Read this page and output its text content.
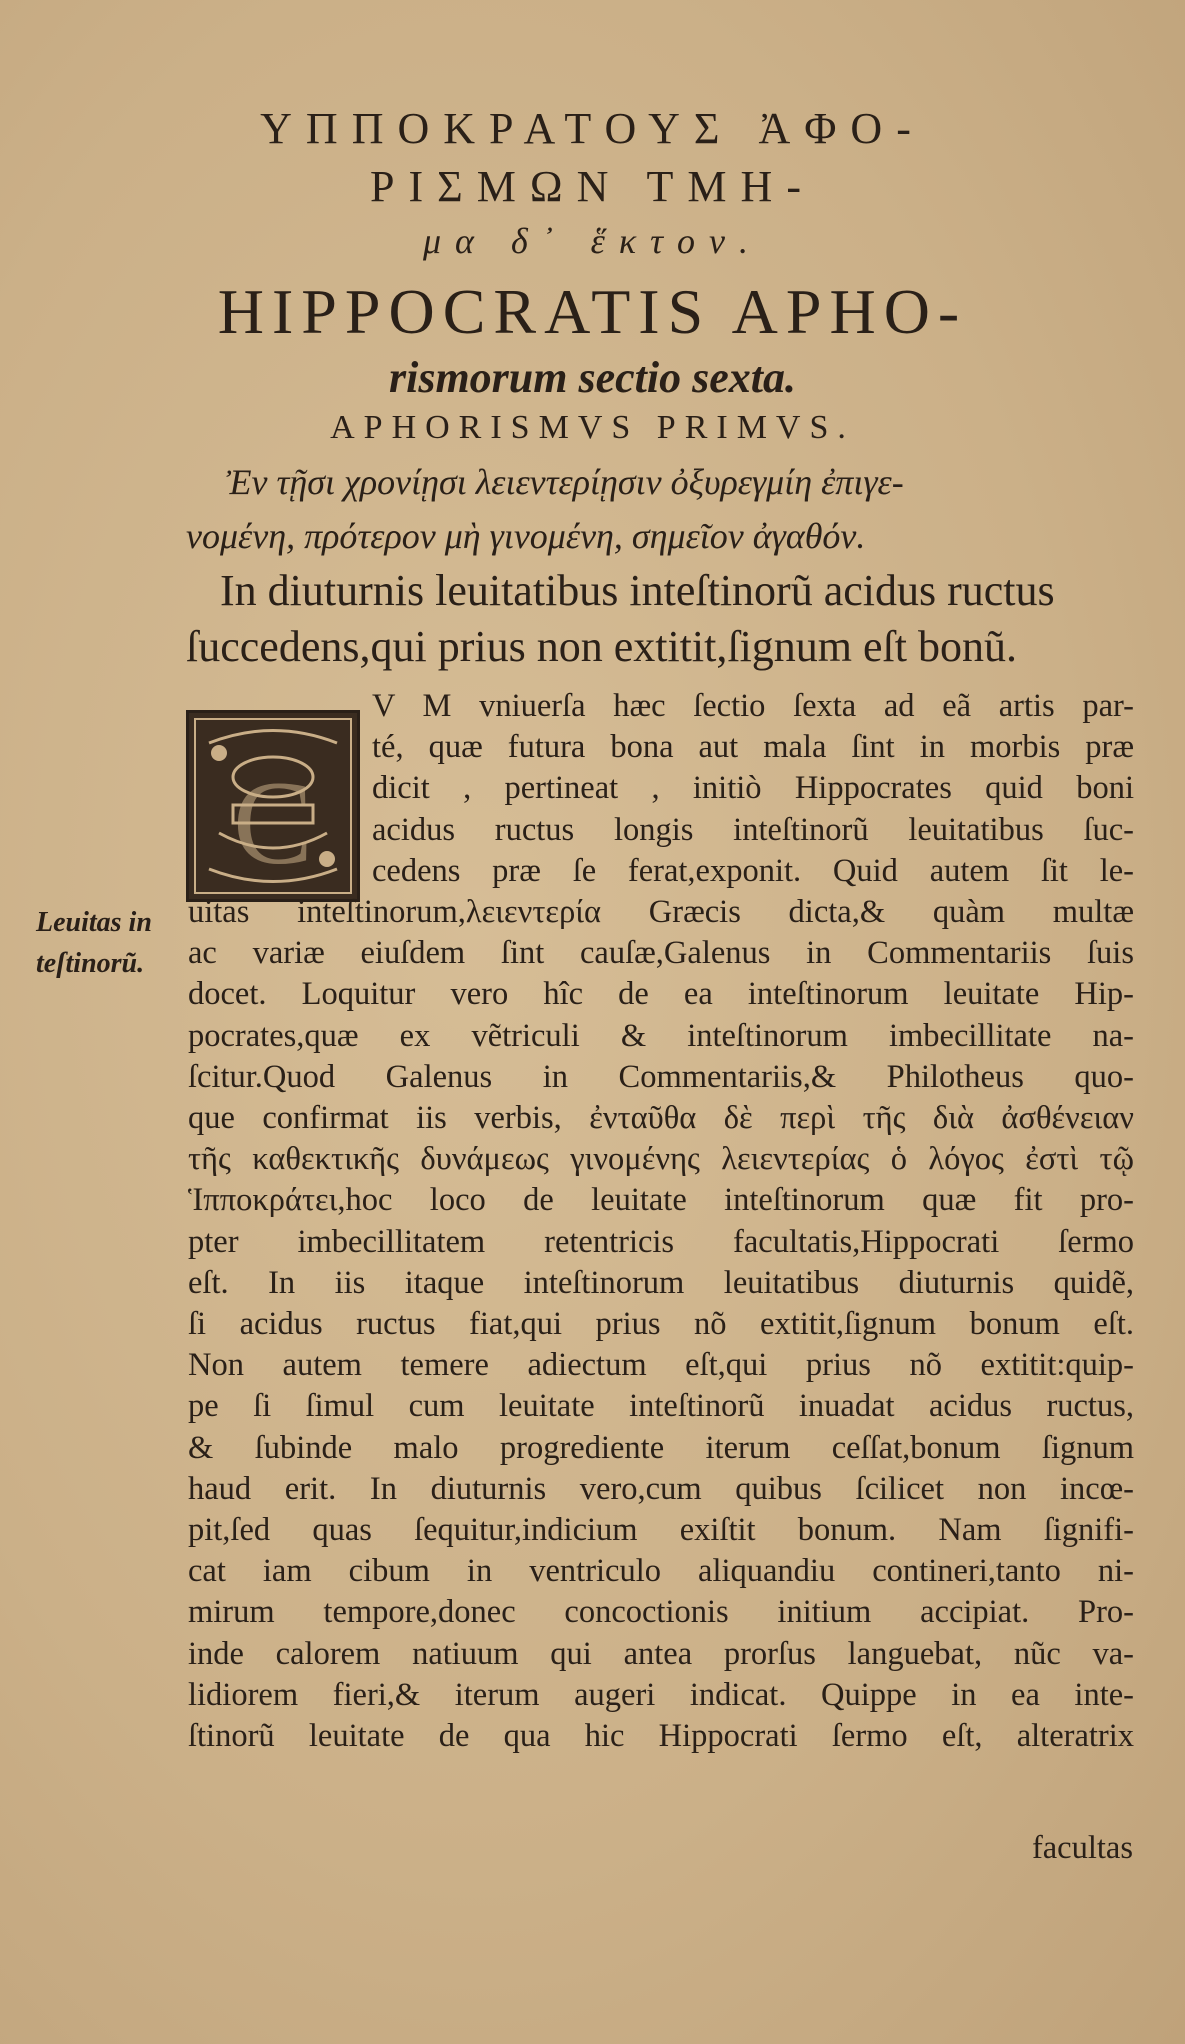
ΥΠΠΟΚΡΑΤΟΥΣ ἈΦΟ-
ΡΙΣΜΩΝ ΤΜΗ-
μα δ᾿ ἕκτον.
HIPPOCRATIS APHO-
rismorum sectio sexta.
APHORISMVS PRIMVS.
Ἐν τῇσι χρονίῃσι λειεντερίῃσιν ὀξυρεγμίη ἐπιγε-
νομένη, πρότερον μὴ γινομένη, σημεῖον ἀγαθόν.
In diuturnis leuitatibus inteſtinorũ acidus ructus
ſuccedens,qui prius non extitit,ſignum eſt bonũ.
C
V M vniuerſa hæc ſectio ſexta ad eã artis par-
té, quæ futura bona aut mala ſint in morbis præ
dicit , pertineat , initiò Hippocrates quid boni
acidus ructus longis inteſtinorũ leuitatibus ſuc-
cedens præ ſe ferat,exponit. Quid autem ſit le-
Leuitas in
teſtinorũ.
uitas inteſtinorum,λειεντερία Græcis dicta,& quàm multæ
ac variæ eiuſdem ſint cauſæ,Galenus in Commentariis ſuis
docet. Loquitur vero hîc de ea inteſtinorum leuitate Hip-
pocrates,quæ ex vẽtriculi & inteſtinorum imbecillitate na-
ſcitur.Quod Galenus in Commentariis,& Philotheus quo-
que confirmat iis verbis, ἐνταῦθα δὲ περὶ τῆς διὰ ἀσθένειαν
τῆς καθεκτικῆς δυνάμεως γινομένης λειεντερίας ὁ λόγος ἐστὶ τῷ
Ἱπποκράτει,hoc loco de leuitate inteſtinorum quæ fit pro-
pter imbecillitatem retentricis facultatis,Hippocrati ſermo
eſt. In iis itaque inteſtinorum leuitatibus diuturnis quidẽ,
ſi acidus ructus fiat,qui prius nõ extitit,ſignum bonum eſt.
Non autem temere adiectum eſt,qui prius nõ extitit:quip-
pe ſi ſimul cum leuitate inteſtinorũ inuadat acidus ructus,
& ſubinde malo progrediente iterum ceſſat,bonum ſignum
haud erit. In diuturnis vero,cum quibus ſcilicet non incœ-
pit,ſed quas ſequitur,indicium exiſtit bonum. Nam ſignifi-
cat iam cibum in ventriculo aliquandiu contineri,tanto ni-
mirum tempore,donec concoctionis initium accipiat. Pro-
inde calorem natiuum qui antea prorſus languebat, nũc va-
lidiorem fieri,& iterum augeri indicat. Quippe in ea inte-
ſtinorũ leuitate de qua hic Hippocrati ſermo eſt, alteratrix
facultas
